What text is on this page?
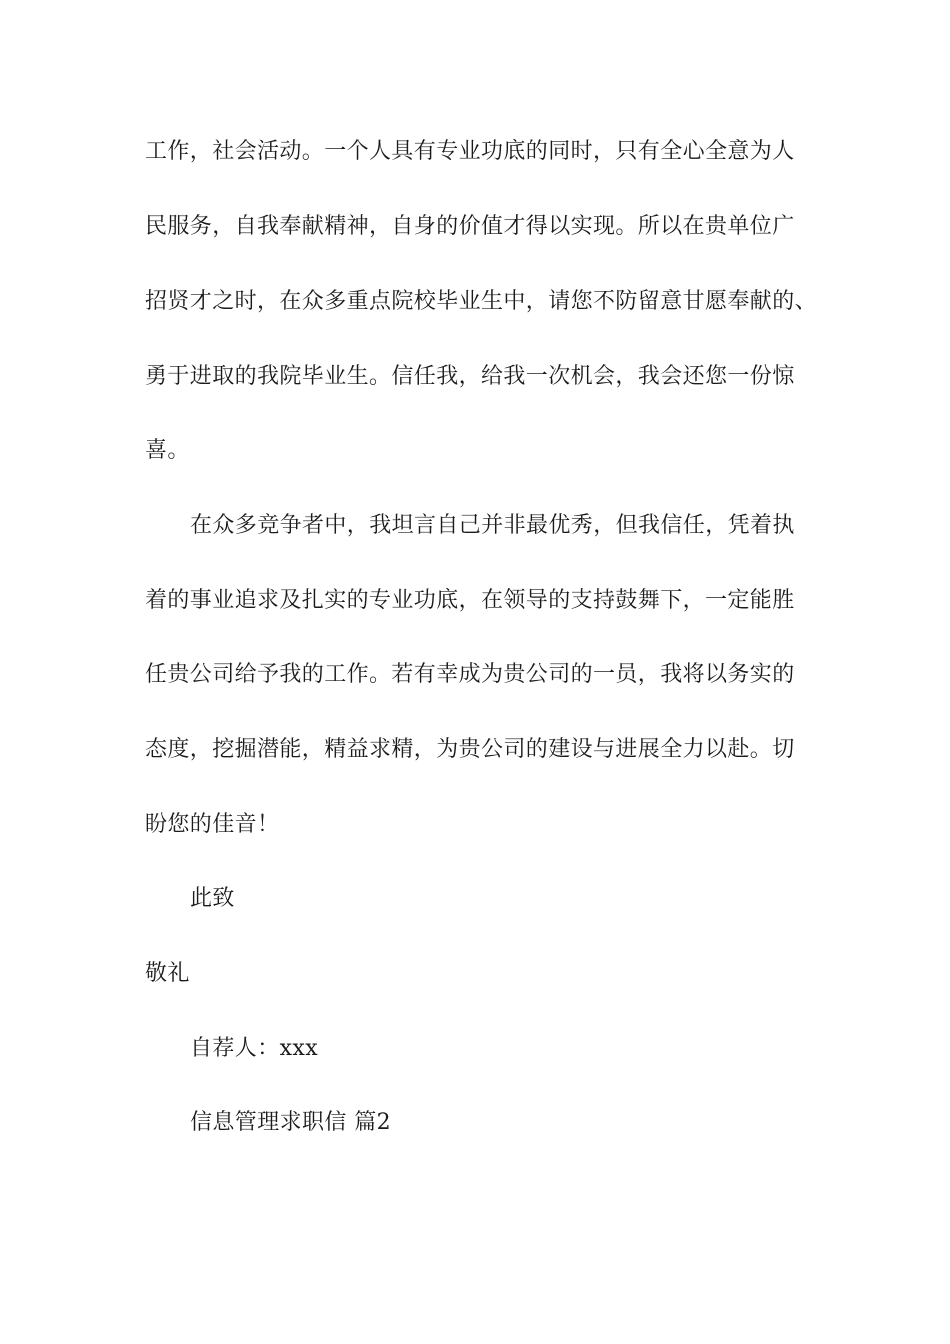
工作，社会活动。一个人具有专业功底的同时，只有全心全意为人
民服务，自我奉献精神，自身的价值才得以实现。所以在贵单位广
招贤才之时，在众多重点院校毕业生中，请您不防留意甘愿奉献的、
勇于进取的我院毕业生。信任我，给我一次机会，我会还您一份惊
喜。
在众多竞争者中，我坦言自己并非最优秀，但我信任，凭着执
着的事业追求及扎实的专业功底，在领导的支持鼓舞下，一定能胜
任贵公司给予我的工作。若有幸成为贵公司的一员，我将以务实的
态度，挖掘潜能，精益求精，为贵公司的建设与进展全力以赴。切
盼您的佳音！
此致
敬礼
自荐人：xxx
信息管理求职信 篇2
